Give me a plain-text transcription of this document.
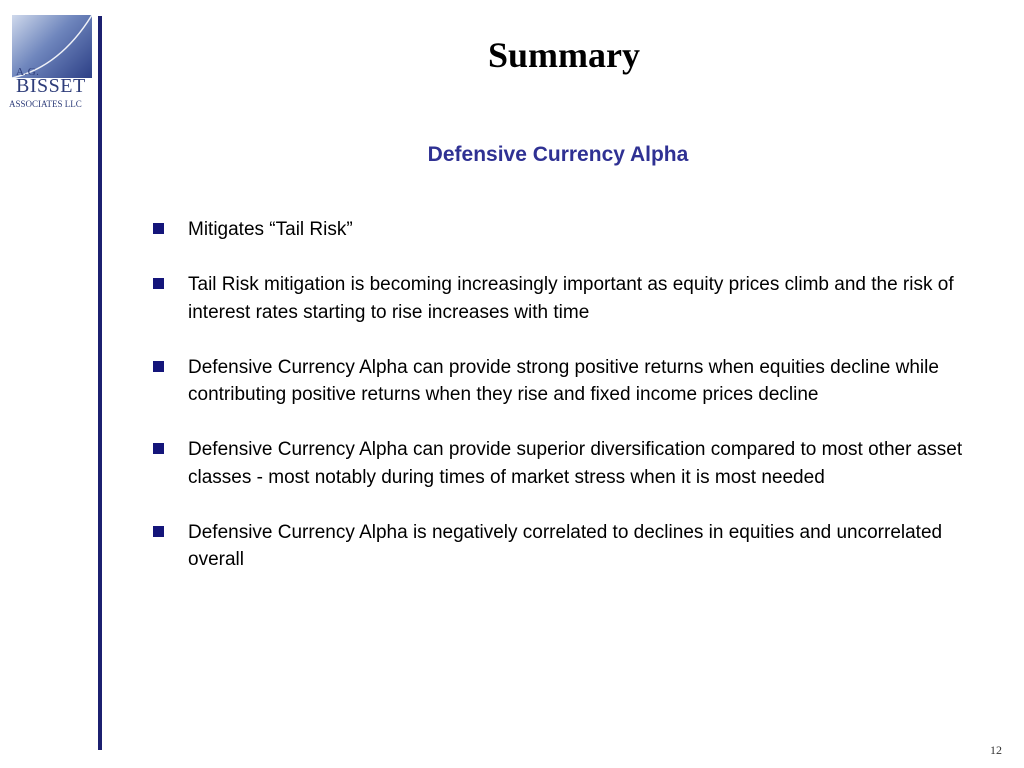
A.G.
BISSET
ASSOCIATES LLC
Summary
Defensive Currency Alpha
Mitigates “Tail Risk”
Tail Risk mitigation is becoming increasingly important as equity prices climb and the risk of interest rates starting to rise increases with time
Defensive Currency Alpha can provide strong positive returns when equities decline while contributing positive returns when they rise and fixed income prices decline
Defensive Currency Alpha can provide superior diversification compared to most other asset classes - most notably during times of market stress when it is most needed
Defensive Currency Alpha is negatively correlated to declines in equities and uncorrelated overall
12
